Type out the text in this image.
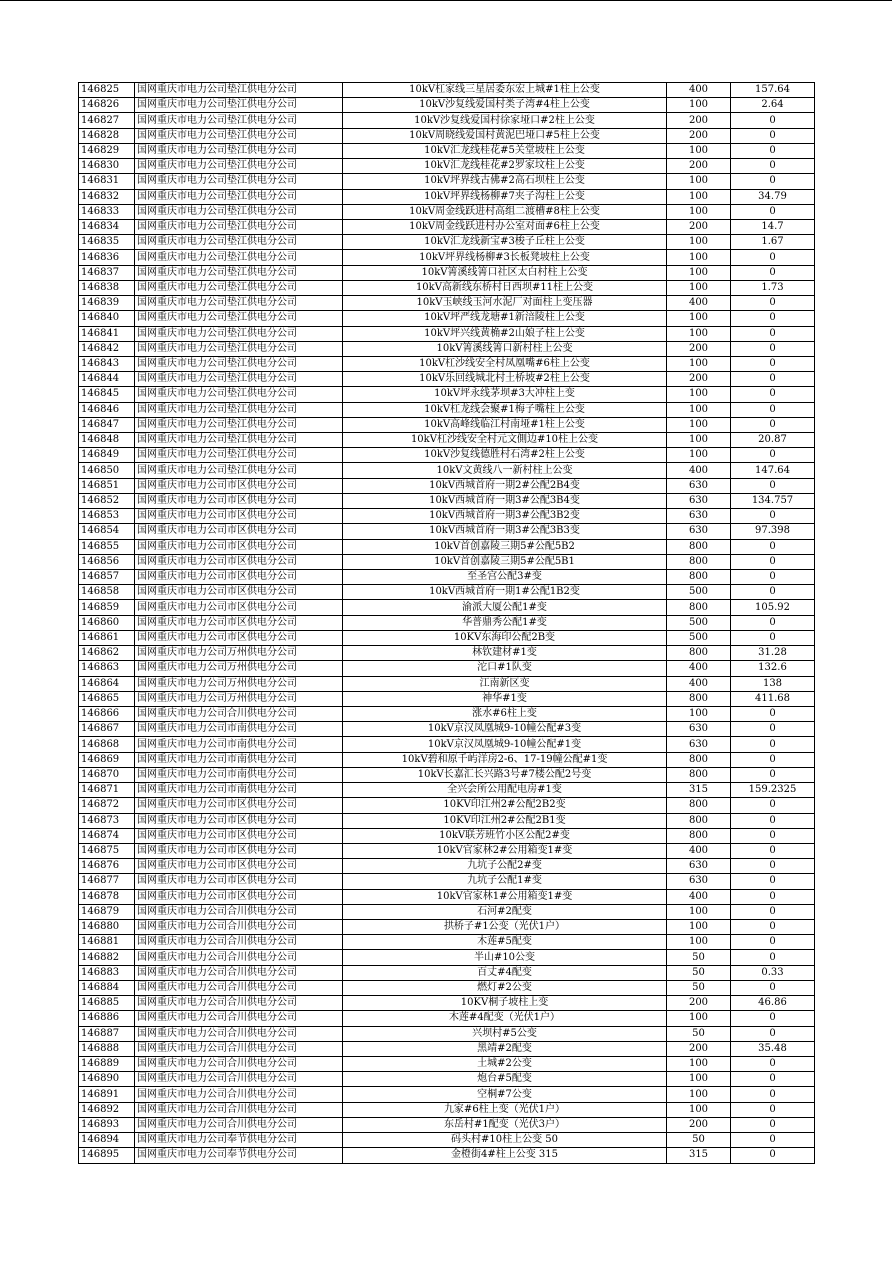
146825	国网重庆市电力公司垫江供电分公司	10kV杠家线三星居委东宏上城#1柱上公变	400	157.64
146826	国网重庆市电力公司垫江供电分公司	10kV沙复线爱国村类子湾#4柱上公变	100	2.64
146827	国网重庆市电力公司垫江供电分公司	10kV沙复线爱国村徐家垭口#2柱上公变	200	0
146828	国网重庆市电力公司垫江供电分公司	10kV周晓线爱国村黄泥巴垭口#5柱上公变	200	0
146829	国网重庆市电力公司垫江供电分公司	10kV汇龙线桂花#5关堂坡柱上公变	100	0
146830	国网重庆市电力公司垫江供电分公司	10kV汇龙线桂花#2罗家坟柱上公变	200	0
146831	国网重庆市电力公司垫江供电分公司	10kV坪界线古佛#2高石坝柱上公变	100	0
146832	国网重庆市电力公司垫江供电分公司	10kV坪界线杨柳#7夹子沟柱上公变	100	34.79
146833	国网重庆市电力公司垫江供电分公司	10kV周金线跃进村高组二渡槽#8柱上公变	100	0
146834	国网重庆市电力公司垫江供电分公司	10kV周金线跃进村办公室对面#6柱上公变	200	14.7
146835	国网重庆市电力公司垫江供电分公司	10kV汇龙线新宝#3梭子丘柱上公变	100	1.67
146836	国网重庆市电力公司垫江供电分公司	10kV坪界线杨柳#3长板凳坡柱上公变	100	0
146837	国网重庆市电力公司垫江供电分公司	10kV箐溪线箐口社区太白村柱上公变	100	0
146838	国网重庆市电力公司垫江供电分公司	10kV高新线东桥村日西坝#11柱上公变	100	1.73
146839	国网重庆市电力公司垫江供电分公司	10kV玉峡线玉河水泥厂对面柱上变压器	400	0
146840	国网重庆市电力公司垫江供电分公司	10kV坪严线龙塘#1新涪陵柱上公变	100	0
146841	国网重庆市电力公司垫江供电分公司	10kV坪兴线黄桷#2山娘子柱上公变	100	0
146842	国网重庆市电力公司垫江供电分公司	10kV箐溪线箐口新村柱上公变	200	0
146843	国网重庆市电力公司垫江供电分公司	10kV杠沙线安全村凤凰嘴#6柱上公变	100	0
146844	国网重庆市电力公司垫江供电分公司	10kV乐回线城北村土桥坡#2柱上公变	200	0
146845	国网重庆市电力公司垫江供电分公司	10kV坪永线茅坝#3大冲柱上变	100	0
146846	国网重庆市电力公司垫江供电分公司	10kV杠龙线会聚#1梅子嘴柱上公变	100	0
146847	国网重庆市电力公司垫江供电分公司	10kV高峰线临江村南垭#1柱上公变	100	0
146848	国网重庆市电力公司垫江供电分公司	10kV杠沙线安全村元文側边#10柱上公变	100	20.87
146849	国网重庆市电力公司垫江供电分公司	10kV沙复线德胜村石湾#2柱上公变	100	0
146850	国网重庆市电力公司垫江供电分公司	10kV文黄线八一新村柱上公变	400	147.64
146851	国网重庆市电力公司市区供电分公司	10kV西城首府一期2#公配2B4变	630	0
146852	国网重庆市电力公司市区供电分公司	10kV西城首府一期3#公配3B4变	630	134.757
146853	国网重庆市电力公司市区供电分公司	10kV西城首府一期3#公配3B2变	630	0
146854	国网重庆市电力公司市区供电分公司	10kV西城首府一期3#公配3B3变	630	97.398
146855	国网重庆市电力公司市区供电分公司	10kV首创嘉陵三期5#公配5B2	800	0
146856	国网重庆市电力公司市区供电分公司	10kV首创嘉陵三期5#公配5B1	800	0
146857	国网重庆市电力公司市区供电分公司	至圣宫公配3#变	800	0
146858	国网重庆市电力公司市区供电分公司	10kV西城首府一期1#公配1B2变	500	0
146859	国网重庆市电力公司市区供电分公司	渝派大厦公配1#变	800	105.92
146860	国网重庆市电力公司市区供电分公司	华普鼎秀公配1#变	500	0
146861	国网重庆市电力公司市区供电分公司	10KV东海印公配2B变	500	0
146862	国网重庆市电力公司万州供电分公司	林钦建材#1变	800	31.28
146863	国网重庆市电力公司万州供电分公司	沱口#1队变	400	132.6
146864	国网重庆市电力公司万州供电分公司	江南新区变	400	138
146865	国网重庆市电力公司万州供电分公司	神华#1变	800	411.68
146866	国网重庆市电力公司合川供电分公司	涨水#6柱上变	100	0
146867	国网重庆市电力公司市南供电分公司	10kV京汉凤凰城9-10幢公配#3变	630	0
146868	国网重庆市电力公司市南供电分公司	10kV京汉凤凰城9-10幢公配#1变	630	0
146869	国网重庆市电力公司市南供电分公司	10kV碧和原千屿洋房2-6、17-19幢公配#1变	800	0
146870	国网重庆市电力公司市南供电分公司	10kV长嘉汇长兴路3号#7楼公配2号变	800	0
146871	国网重庆市电力公司市南供电分公司	全兴会所公用配电房#1变	315	159.2325
146872	国网重庆市电力公司市区供电分公司	10KV印江州2#公配2B2变	800	0
146873	国网重庆市电力公司市区供电分公司	10KV印江州2#公配2B1变	800	0
146874	国网重庆市电力公司市区供电分公司	10kV联芳班竹小区公配2#变	800	0
146875	国网重庆市电力公司市区供电分公司	10kV官家林2#公用箱变1#变	400	0
146876	国网重庆市电力公司市区供电分公司	九坑子公配2#变	630	0
146877	国网重庆市电力公司市区供电分公司	九坑子公配1#变	630	0
146878	国网重庆市电力公司市区供电分公司	10kV官家林1#公用箱变1#变	400	0
146879	国网重庆市电力公司合川供电分公司	石河#2配变	100	0
146880	国网重庆市电力公司合川供电分公司	拱桥子#1公变（光伏1户）	100	0
146881	国网重庆市电力公司合川供电分公司	木莲#5配变	100	0
146882	国网重庆市电力公司合川供电分公司	半山#10公变	50	0
146883	国网重庆市电力公司合川供电分公司	百丈#4配变	50	0.33
146884	国网重庆市电力公司合川供电分公司	燃灯#2公变	50	0
146885	国网重庆市电力公司合川供电分公司	10KV桐子坡柱上变	200	46.86
146886	国网重庆市电力公司合川供电分公司	木莲#4配变（光伏1户）	100	0
146887	国网重庆市电力公司合川供电分公司	兴坝村#5公变	50	0
146888	国网重庆市电力公司合川供电分公司	黑靖#2配变	200	35.48
146889	国网重庆市电力公司合川供电分公司	土城#2公变	100	0
146890	国网重庆市电力公司合川供电分公司	炮台#5配变	100	0
146891	国网重庆市电力公司合川供电分公司	空桐#7公变	100	0
146892	国网重庆市电力公司合川供电分公司	九家#6柱上变（光伏1户）	100	0
146893	国网重庆市电力公司合川供电分公司	东岳村#1配变（光伏3户）	200	0
146894	国网重庆市电力公司奉节供电分公司	码头村#10柱上公变 50	50	0
146895	国网重庆市电力公司奉节供电分公司	金橙街4#柱上公变 315	315	0
